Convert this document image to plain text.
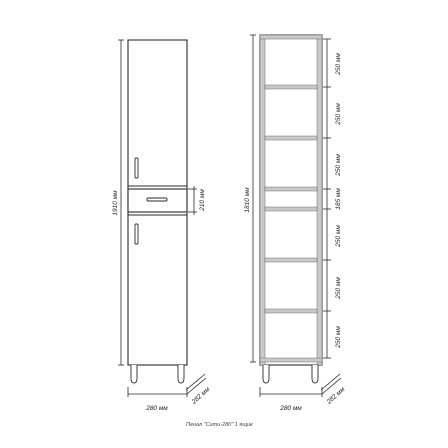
1910 мм	210 мм
280 мм
282 мм
1810 мм
250 мм
250 мм
250 мм
185 мм
250 мм
250 мм
250 мм
280 мм
282 мм
Пенал "Сити-280" 1 ящик
